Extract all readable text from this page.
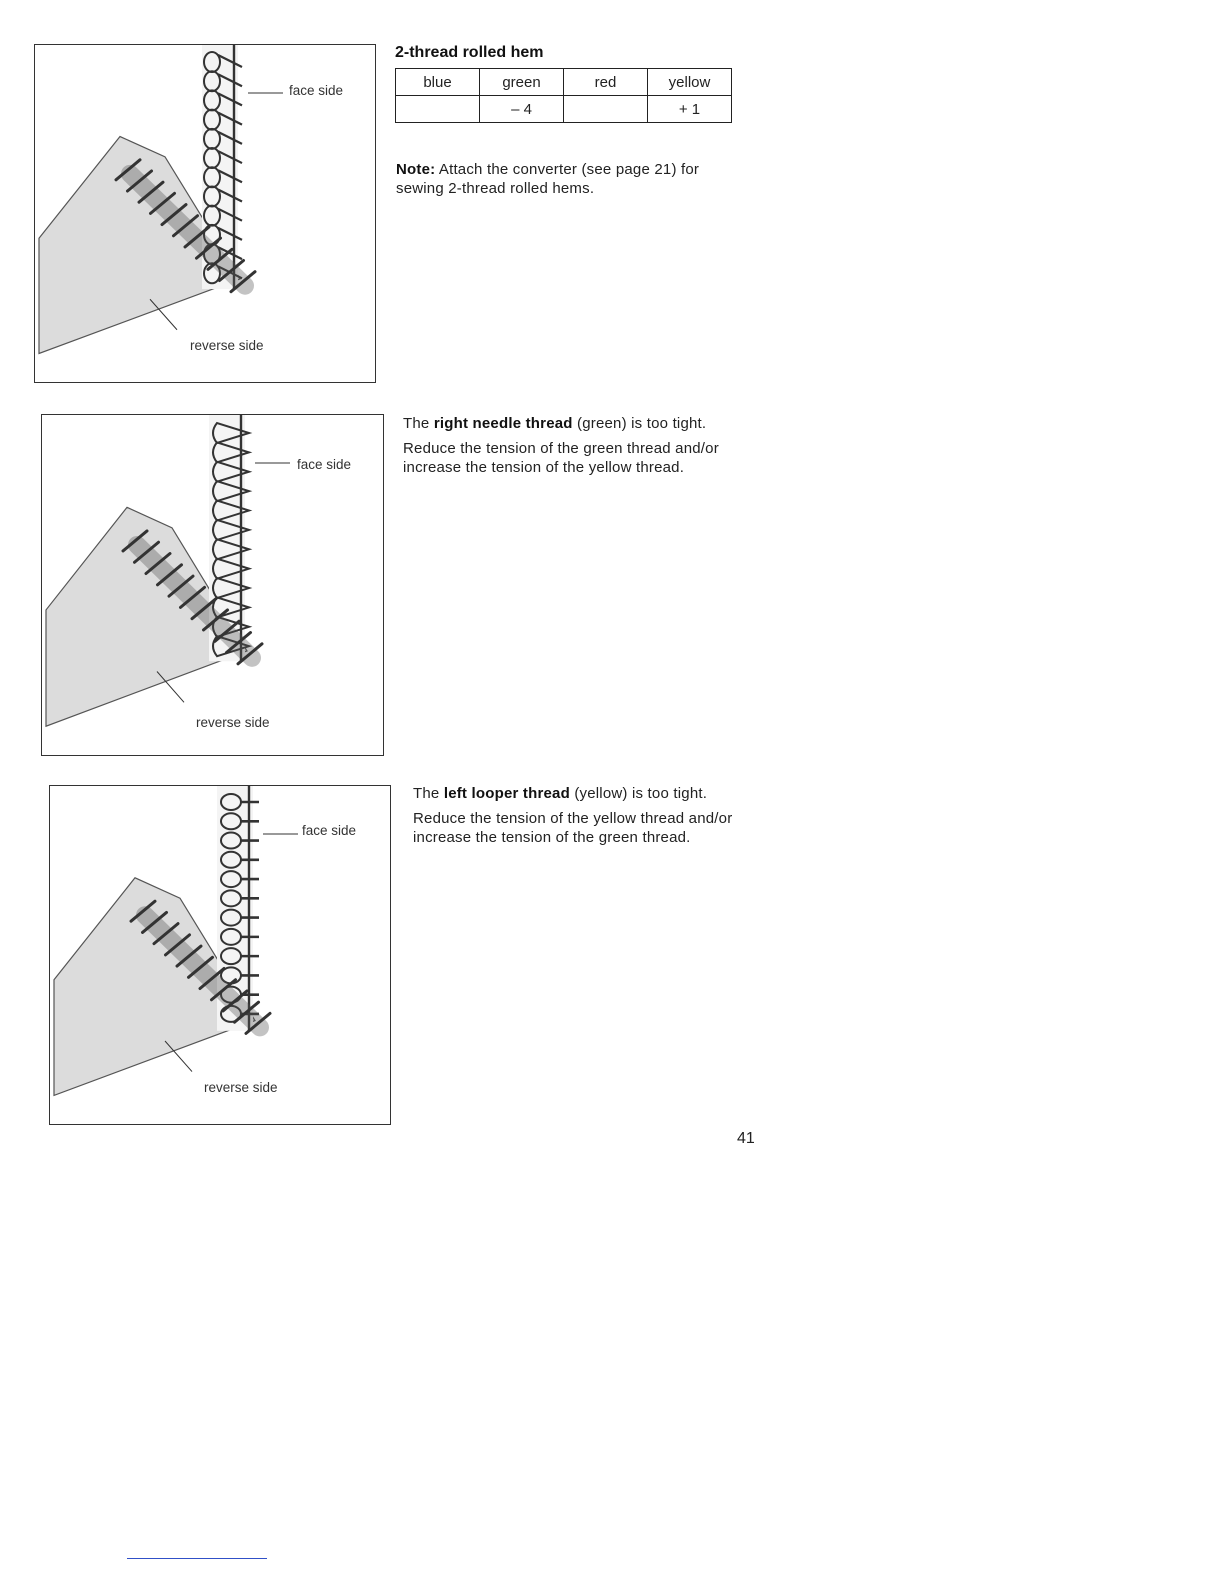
face side
reverse side
face side
reverse side
face side
reverse side
2-thread rolled hem
blue	green	red	yellow
	– 4		+ 1

Note: Attach the converter (see page 21) for sewing 2-thread rolled hems.

The right needle thread (green) is too tight.

Reduce the tension of the green thread and/or increase the tension of the yellow thread.

The left looper thread (yellow) is too tight.

Reduce the tension of the yellow thread and/or increase the tension of the green thread.

41
